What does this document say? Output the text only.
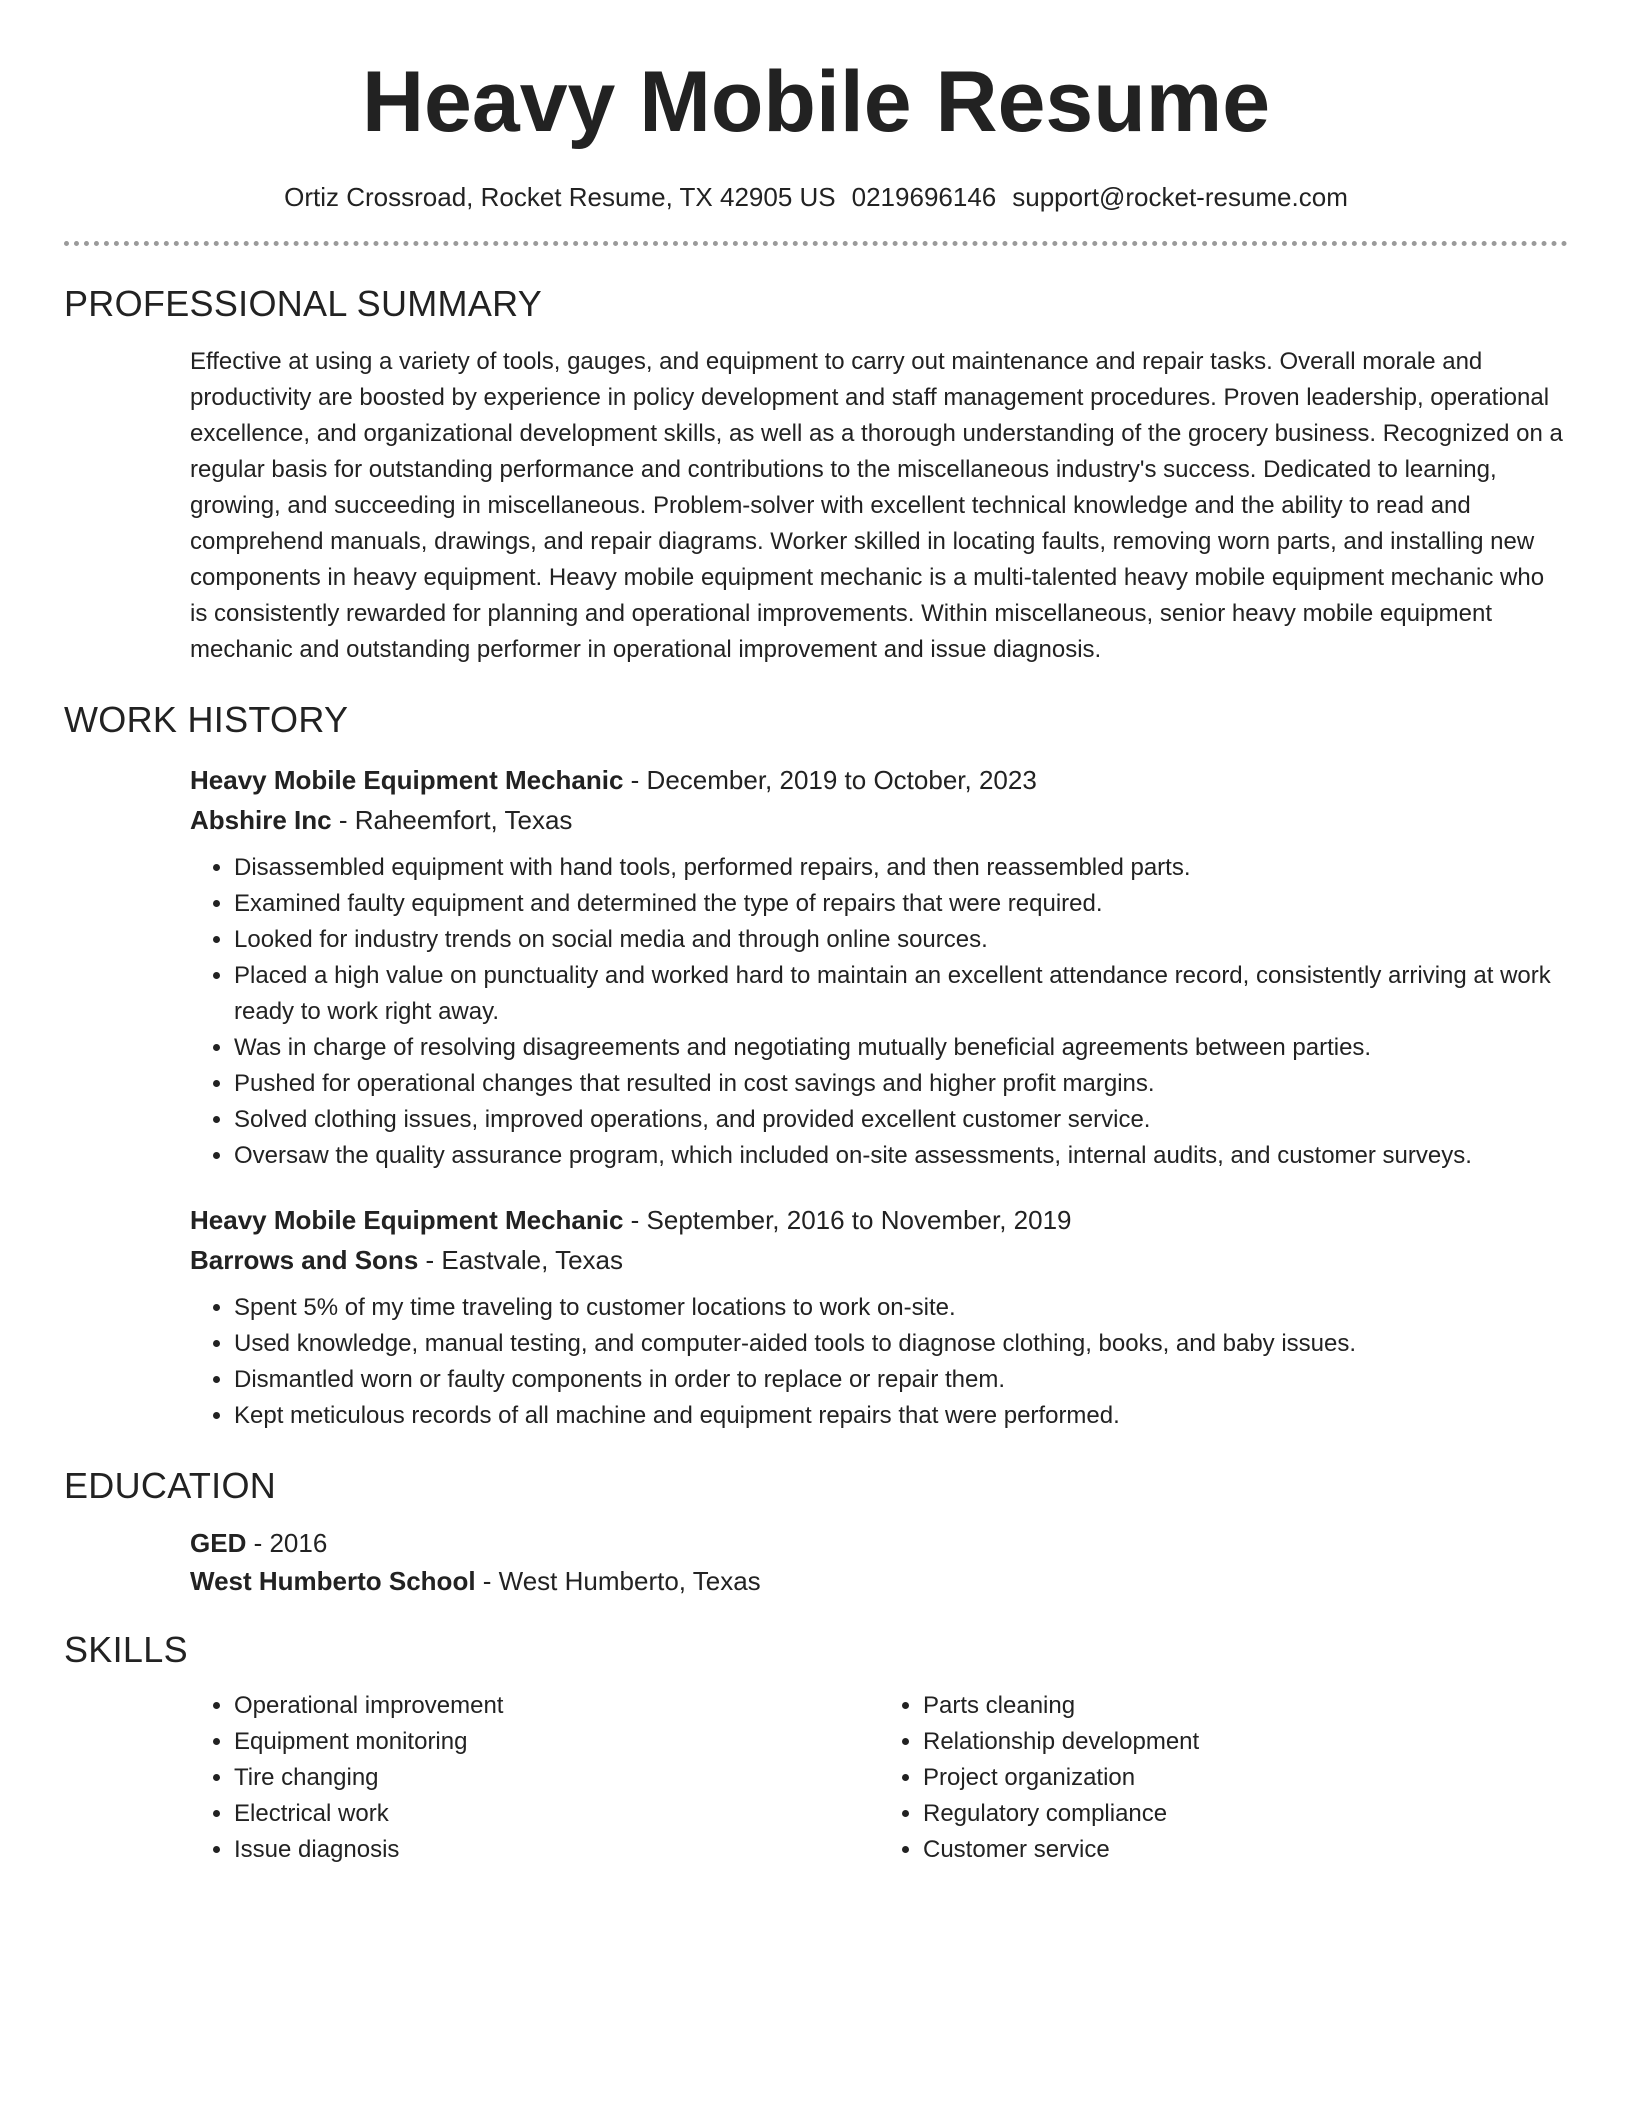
Heavy Mobile Resume
Ortiz Crossroad, Rocket Resume, TX 42905 US 0219696146 support@rocket-resume.com
PROFESSIONAL SUMMARY

Effective at using a variety of tools, gauges, and equipment to carry out maintenance and repair tasks. Overall morale and productivity are boosted by experience in policy development and staff management procedures. Proven leadership, operational excellence, and organizational development skills, as well as a thorough understanding of the grocery business. Recognized on a regular basis for outstanding performance and contributions to the miscellaneous industry's success. Dedicated to learning, growing, and succeeding in miscellaneous. Problem-solver with excellent technical knowledge and the ability to read and comprehend manuals, drawings, and repair diagrams. Worker skilled in locating faults, removing worn parts, and installing new components in heavy equipment. Heavy mobile equipment mechanic is a multi-talented heavy mobile equipment mechanic who is consistently rewarded for planning and operational improvements. Within miscellaneous, senior heavy mobile equipment mechanic and outstanding performer in operational improvement and issue diagnosis.

WORK HISTORY
Heavy Mobile Equipment Mechanic - December, 2019 to October, 2023
Abshire Inc - Raheemfort, Texas
• Disassembled equipment with hand tools, performed repairs, and then reassembled parts.
• Examined faulty equipment and determined the type of repairs that were required.
• Looked for industry trends on social media and through online sources.
• Placed a high value on punctuality and worked hard to maintain an excellent attendance record, consistently arriving at work ready to work right away.
• Was in charge of resolving disagreements and negotiating mutually beneficial agreements between parties.
• Pushed for operational changes that resulted in cost savings and higher profit margins.
• Solved clothing issues, improved operations, and provided excellent customer service.
• Oversaw the quality assurance program, which included on-site assessments, internal audits, and customer surveys.
Heavy Mobile Equipment Mechanic - September, 2016 to November, 2019
Barrows and Sons - Eastvale, Texas
• Spent 5% of my time traveling to customer locations to work on-site.
• Used knowledge, manual testing, and computer-aided tools to diagnose clothing, books, and baby issues.
• Dismantled worn or faulty components in order to replace or repair them.
• Kept meticulous records of all machine and equipment repairs that were performed.
EDUCATION
GED - 2016
West Humberto School - West Humberto, Texas
SKILLS
• Operational improvement
• Equipment monitoring
• Tire changing
• Electrical work
• Issue diagnosis
• Parts cleaning
• Relationship development
• Project organization
• Regulatory compliance
• Customer service
